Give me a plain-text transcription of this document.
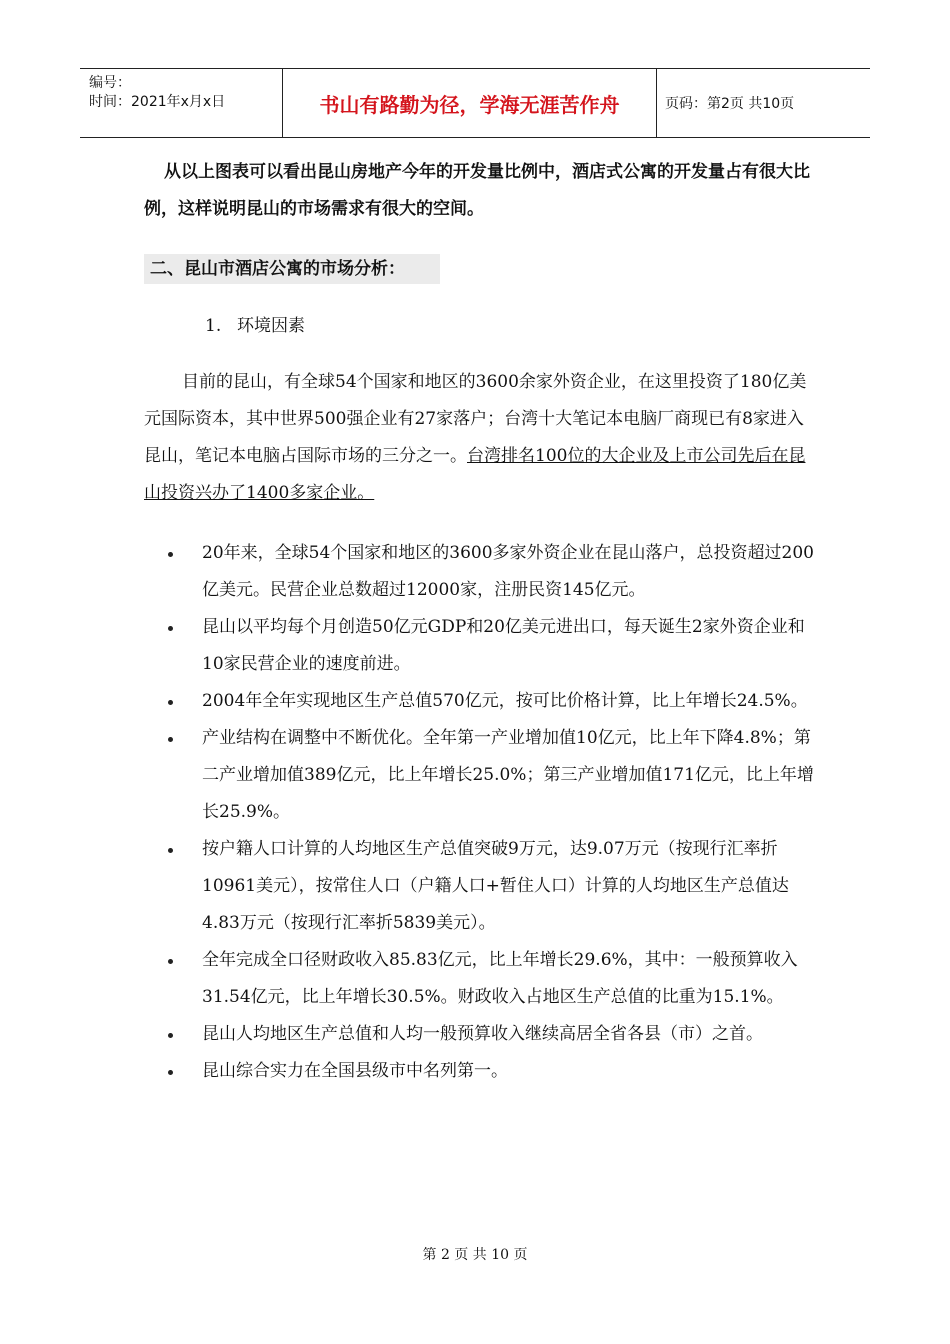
编号：
时间：2021年x月x日	书山有路勤为径，学海无涯苦作舟	页码：第2页 共10页
从以上图表可以看出昆山房地产今年的开发量比例中，酒店式公寓的开发量占有很大比例，这样说明昆山的市场需求有很大的空间。
二、昆山市酒店公寓的市场分析：
1. 环境因素
目前的昆山，有全球54个国家和地区的3600余家外资企业，在这里投资了180亿美元国际资本，其中世界500强企业有27家落户；台湾十大笔记本电脑厂商现已有8家进入昆山，笔记本电脑占国际市场的三分之一。台湾排名100位的大企业及上市公司先后在昆山投资兴办了1400多家企业。
20年来，全球54个国家和地区的3600多家外资企业在昆山落户，总投资超过200亿美元。民营企业总数超过12000家，注册民资145亿元。
昆山以平均每个月创造50亿元GDP和20亿美元进出口，每天诞生2家外资企业和10家民营企业的速度前进。
2004年全年实现地区生产总值570亿元，按可比价格计算，比上年增长24.5%。
产业结构在调整中不断优化。全年第一产业增加值10亿元，比上年下降4.8%；第二产业增加值389亿元，比上年增长25.0%；第三产业增加值171亿元，比上年增长25.9%。
按户籍人口计算的人均地区生产总值突破9万元，达9.07万元（按现行汇率折10961美元），按常住人口（户籍人口+暂住人口）计算的人均地区生产总值达4.83万元（按现行汇率折5839美元）。
全年完成全口径财政收入85.83亿元，比上年增长29.6%，其中：一般预算收入31.54亿元，比上年增长30.5%。财政收入占地区生产总值的比重为15.1%。
昆山人均地区生产总值和人均一般预算收入继续高居全省各县（市）之首。
昆山综合实力在全国县级市中名列第一。
第 2 页 共 10 页
